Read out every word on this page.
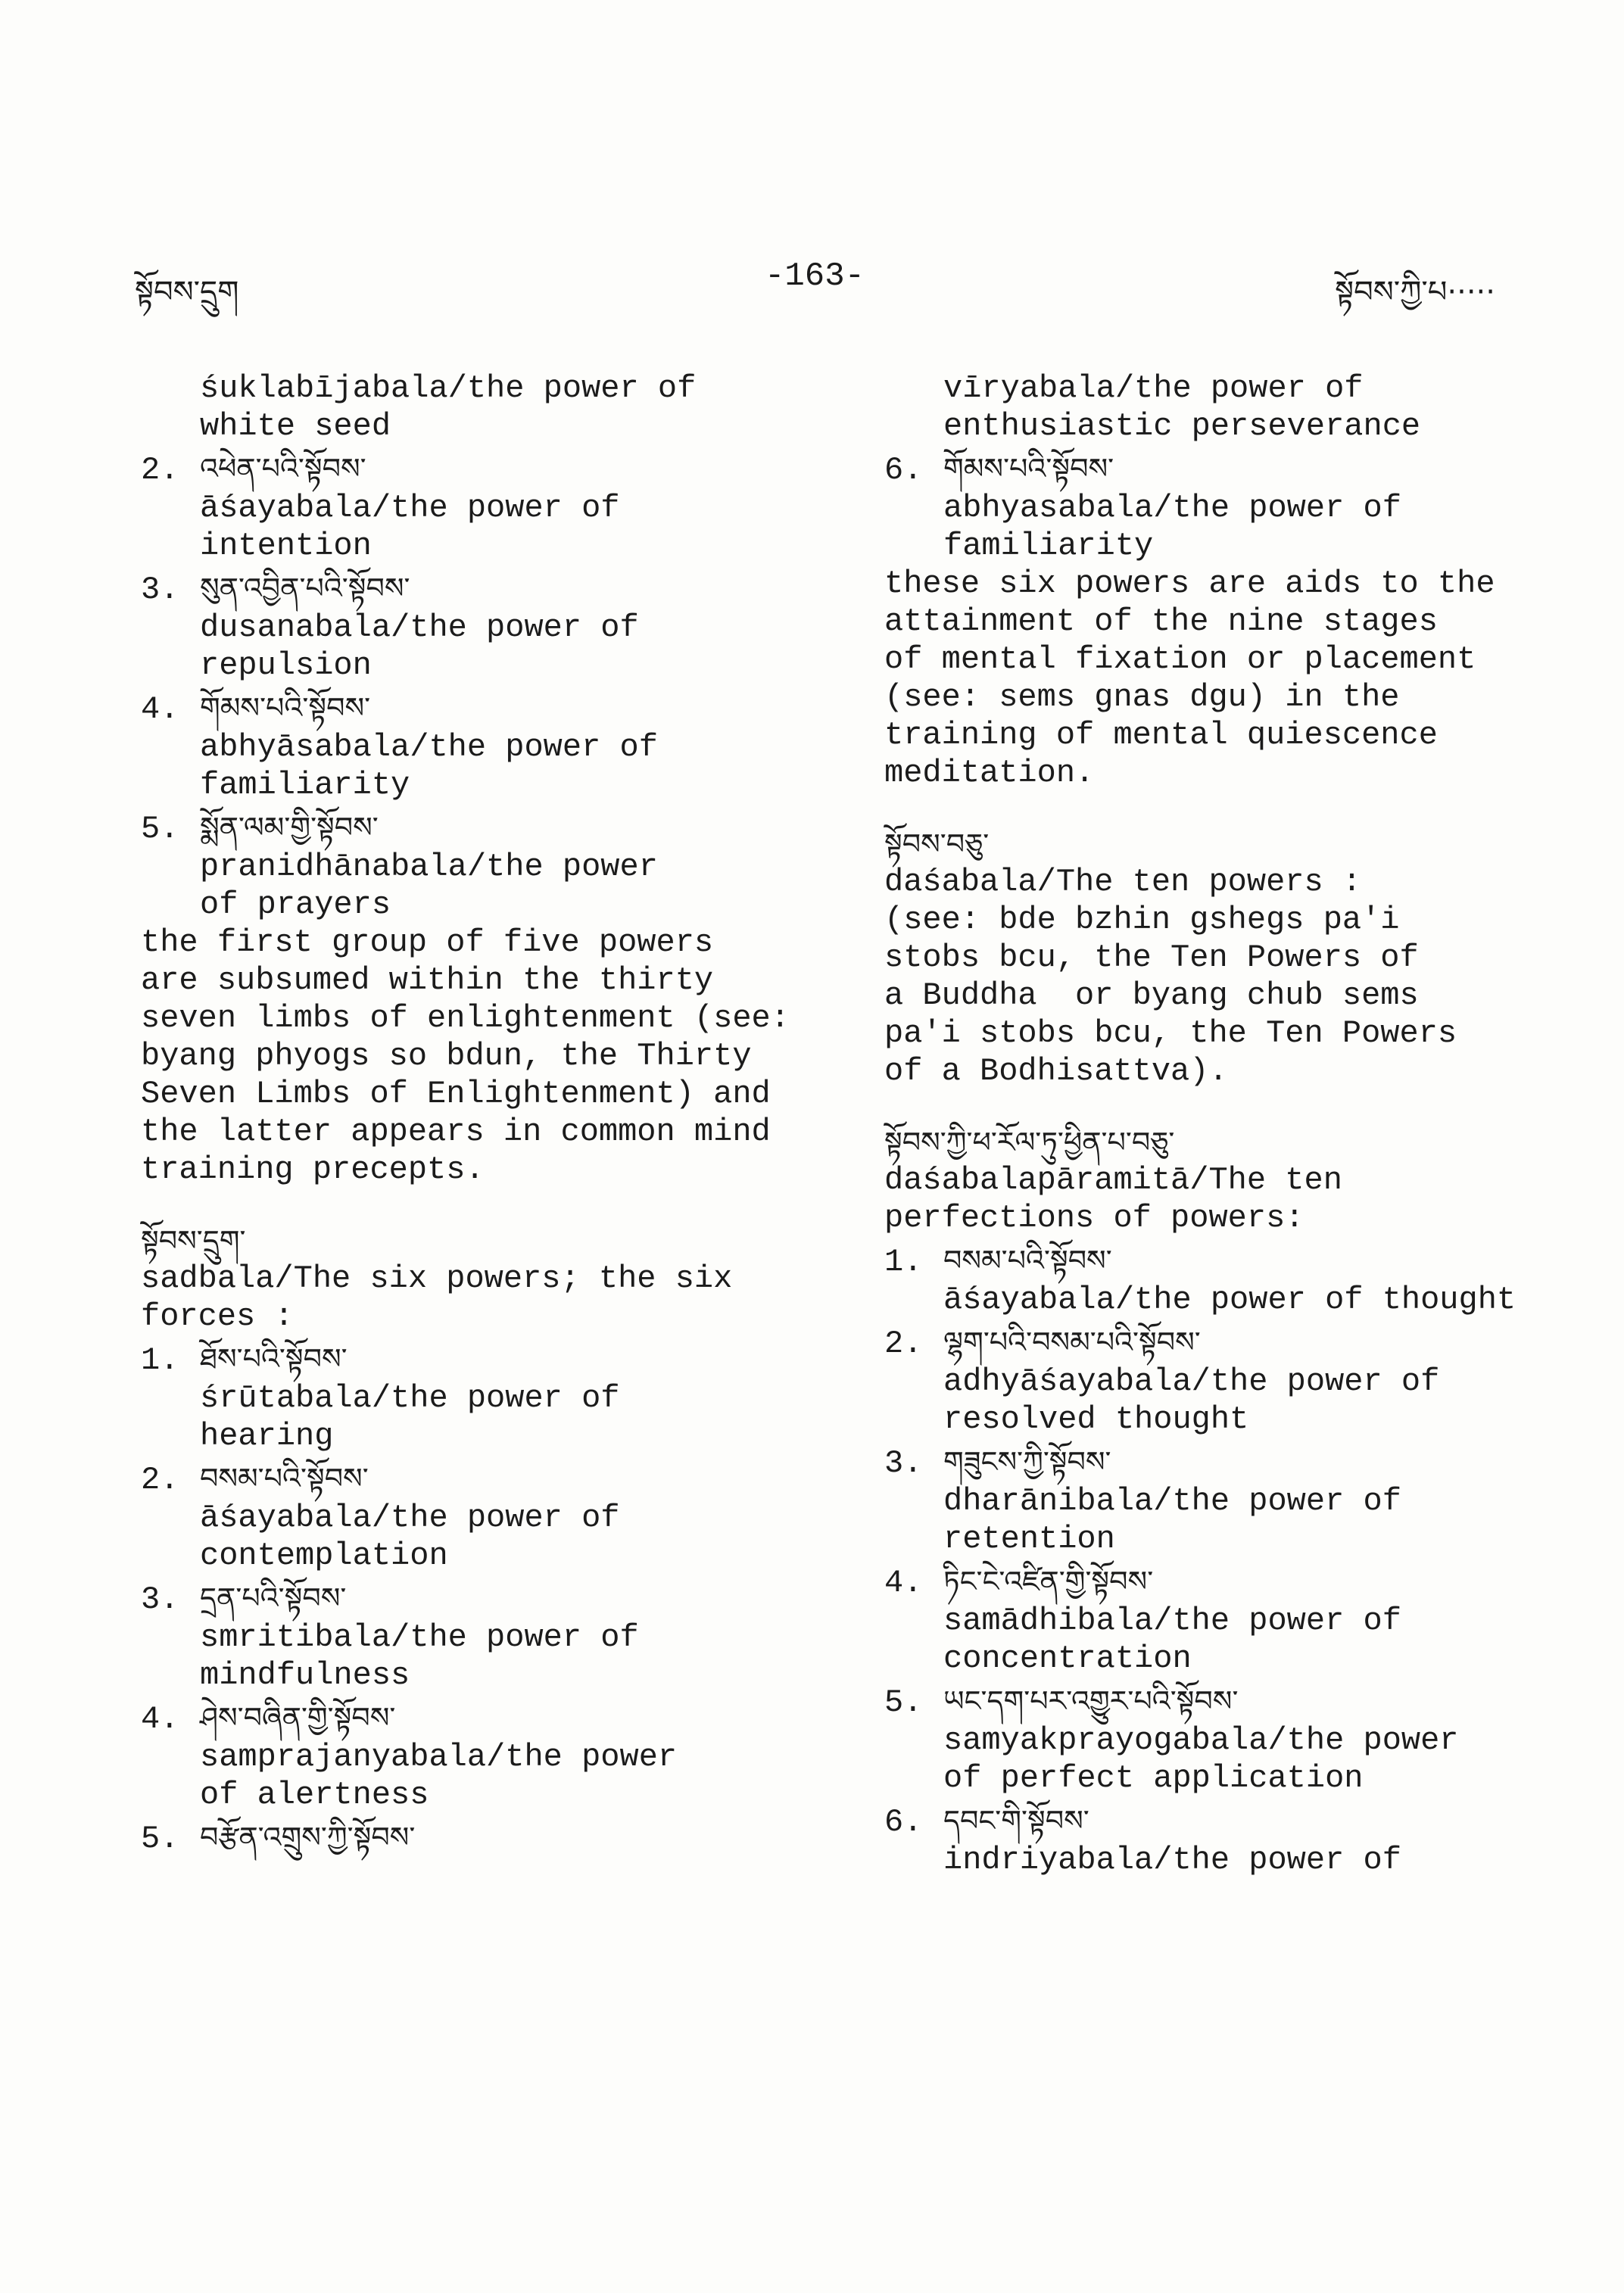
སྟོབས་དྲུག	-163-	སྟོབས་ཀྱི་པ·····
śuklabījabala/the power of
white seed
2. འཕེན་པའི་སྟོབས་
āśayabala/the power of
intention
3. སུན་འབྱིན་པའི་སྟོབས་
dusanabala/the power of
repulsion
4. གོམས་པའི་སྟོབས་
abhyāsabala/the power of
familiarity
5. སྨོན་ལམ་གྱི་སྟོབས་
pranidhānabala/the power
of prayers
the first group of five powers
are subsumed within the thirty
seven limbs of enlightenment (see:
byang phyogs so bdun, the Thirty
Seven Limbs of Enlightenment) and
the latter appears in common mind
training precepts.
སྟོབས་དྲུག་
sadbala/The six powers; the six
forces :
1. ཐོས་པའི་སྟོབས་
śrūtabala/the power of
hearing
2. བསམ་པའི་སྟོབས་
āśayabala/the power of
contemplation
3. དྲན་པའི་སྟོབས་
smritibala/the power of
mindfulness
4. ཤེས་བཞིན་གྱི་སྟོབས་
samprajanyabala/the power
of alertness
5. བརྩོན་འགྲུས་ཀྱི་སྟོབས་
vīryabala/the power of
enthusiastic perseverance
6. གོམས་པའི་སྟོབས་
abhyasabala/the power of
familiarity
these six powers are aids to the
attainment of the nine stages
of mental fixation or placement
(see: sems gnas dgu) in the
training of mental quiescence
meditation.
སྟོབས་བཅུ་
daśabala/The ten powers :
(see: bde bzhin gshegs pa'i
stobs bcu, the Ten Powers of
a Buddha  or byang chub sems
pa'i stobs bcu, the Ten Powers
of a Bodhisattva).
སྟོབས་ཀྱི་ཕ་རོལ་ཏུ་ཕྱིན་པ་བཅུ་
daśabalapāramitā/The ten
perfections of powers:
1. བསམ་པའི་སྟོབས་
āśayabala/the power of thought
2. ལྷག་པའི་བསམ་པའི་སྟོབས་
adhyāśayabala/the power of
resolved thought
3. གཟུངས་ཀྱི་སྟོབས་
dharānibala/the power of
retention
4. ཏིང་ངེ་འཛིན་གྱི་སྟོབས་
samādhibala/the power of
concentration
5. ཡང་དག་པར་འགྱུར་པའི་སྟོབས་
samyakprayogabala/the power
of perfect application
6. དབང་གི་སྟོབས་
indriyabala/the power of
